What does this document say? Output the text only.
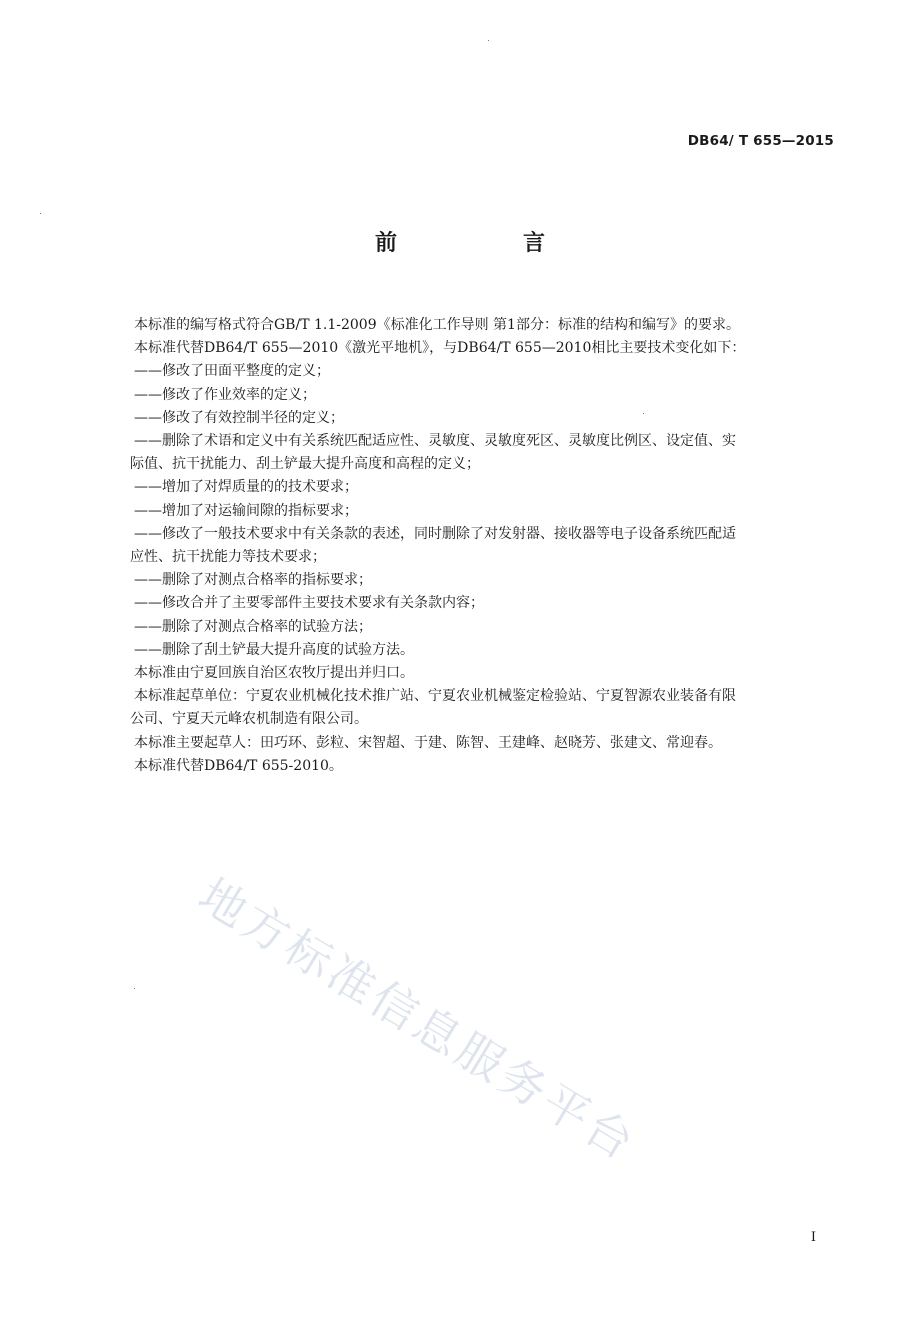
DB64/ T 655—2015
前　言

本标准的编写格式符合GB/T 1.1-2009《标准化工作导则 第1部分：标准的结构和编写》的要求。

本标准代替DB64/T 655—2010《激光平地机》，与DB64/T 655—2010相比主要技术变化如下：

——修改了田面平整度的定义；

——修改了作业效率的定义；

——修改了有效控制半径的定义；

——删除了术语和定义中有关系统匹配适应性、灵敏度、灵敏度死区、灵敏度比例区、设定值、实

际值、抗干扰能力、刮土铲最大提升高度和高程的定义；

——增加了对焊质量的的技术要求；

——增加了对运输间隙的指标要求；

——修改了一般技术要求中有关条款的表述，同时删除了对发射器、接收器等电子设备系统匹配适

应性、抗干扰能力等技术要求；

——删除了对测点合格率的指标要求；

——修改合并了主要零部件主要技术要求有关条款内容；

——删除了对测点合格率的试验方法；

——删除了刮土铲最大提升高度的试验方法。

本标准由宁夏回族自治区农牧厅提出并归口。

本标准起草单位：宁夏农业机械化技术推广站、宁夏农业机械鉴定检验站、宁夏智源农业装备有限

公司、宁夏天元峰农机制造有限公司。

本标准主要起草人：田巧环、彭粒、宋智超、于建、陈智、王建峰、赵晓芳、张建文、常迎春。

本标准代替DB64/T 655-2010。

地方标准信息服务平台
I
